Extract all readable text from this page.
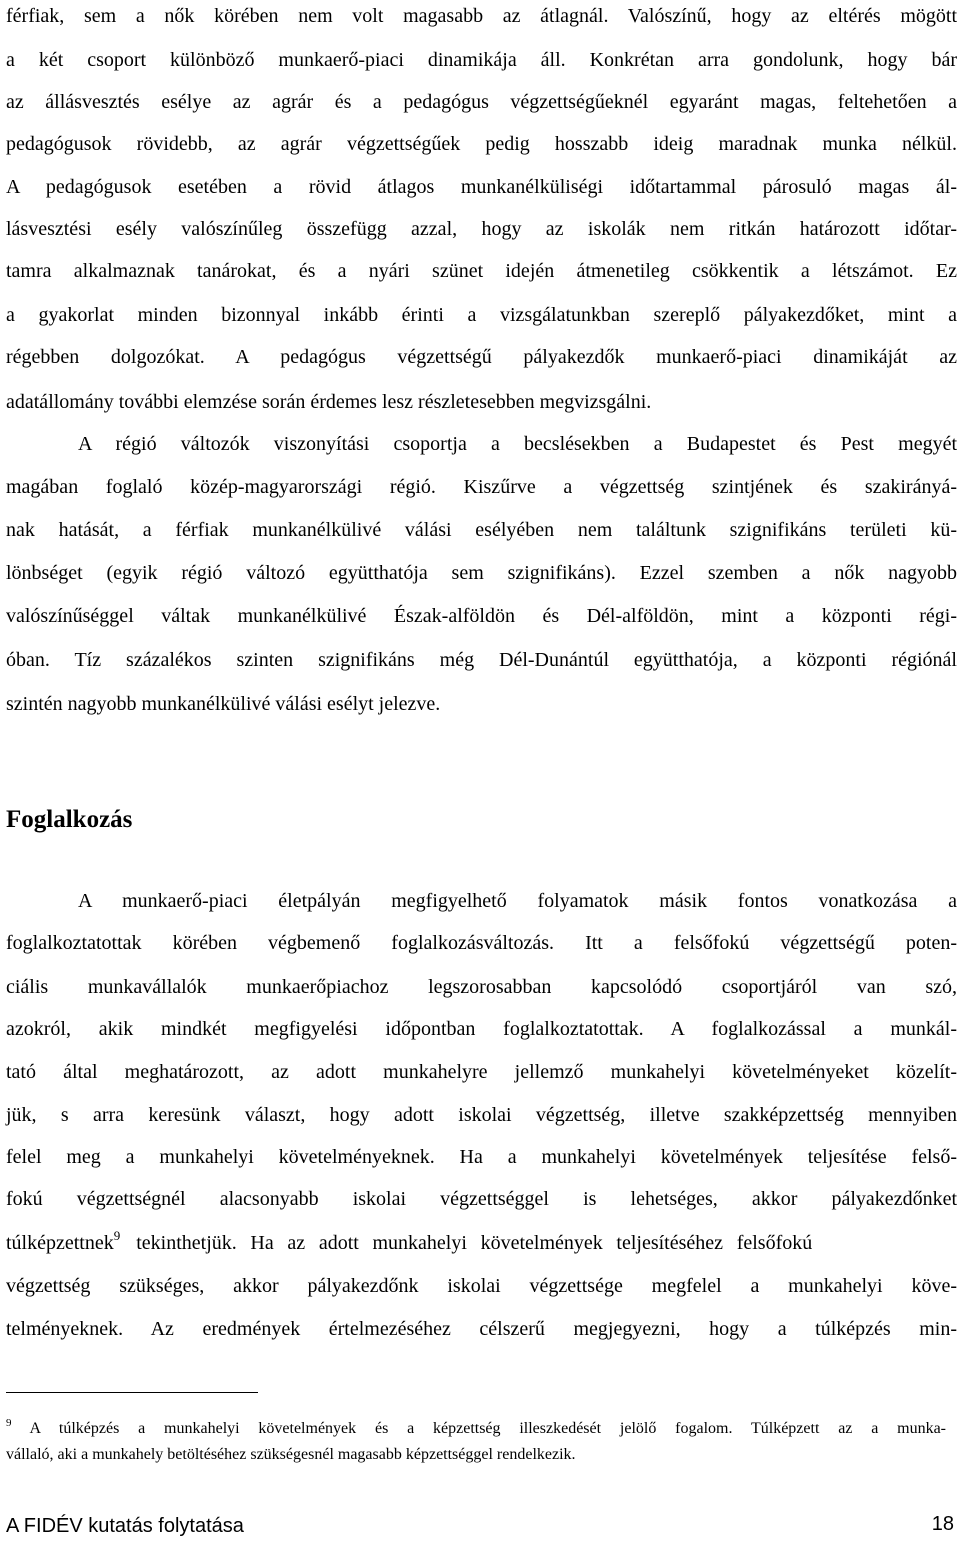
férfiak, sem a nők körében nem volt magasabb az átlagnál. Valószínű, hogy az eltérés mögött
a két csoport különböző munkaerő-piaci dinamikája áll. Konkrétan arra gondolunk, hogy bár
az állásvesztés esélye az agrár és a pedagógus végzettségűeknél egyaránt magas, feltehetően a
pedagógusok rövidebb, az agrár végzettségűek pedig hosszabb ideig maradnak munka nélkül.
A pedagógusok esetében a rövid átlagos munkanélküliségi időtartammal párosuló magas ál-
lásvesztési esély valószínűleg összefügg azzal, hogy az iskolák nem ritkán határozott időtar-
tamra alkalmaznak tanárokat, és a nyári szünet idején átmenetileg csökkentik a létszámot. Ez
a gyakorlat minden bizonnyal inkább érinti a vizsgálatunkban szereplő pályakezdőket, mint a
régebben dolgozókat. A pedagógus végzettségű pályakezdők munkaerő-piaci dinamikáját az
adatállomány további elemzése során érdemes lesz részletesebben megvizsgálni.
A régió változók viszonyítási csoportja a becslésekben a Budapestet és Pest megyét
magában foglaló közép-magyarországi régió. Kiszűrve a végzettség szintjének és szakirányá-
nak hatását, a férfiak munkanélkülivé válási esélyében nem találtunk szignifikáns területi kü-
lönbséget (egyik régió változó együtthatója sem szignifikáns). Ezzel szemben a nők nagyobb
valószínűséggel váltak munkanélkülivé Észak-alföldön és Dél-alföldön, mint a központi régi-
óban. Tíz százalékos szinten szignifikáns még Dél-Dunántúl együtthatója, a központi régiónál
szintén nagyobb munkanélkülivé válási esélyt jelezve.
Foglalkozás
A munkaerő-piaci életpályán megfigyelhető folyamatok másik fontos vonatkozása a
foglalkoztatottak körében végbemenő foglalkozásváltozás. Itt a felsőfokú végzettségű poten-
ciális munkavállalók munkaerőpiachoz legszorosabban kapcsolódó csoportjáról van szó,
azokról, akik mindkét megfigyelési időpontban foglalkoztatottak. A foglalkozással a munkál-
tató által meghatározott, az adott munkahelyre jellemző munkahelyi követelményeket közelít-
jük, s arra keresünk választ, hogy adott iskolai végzettség, illetve szakképzettség mennyiben
felel meg a munkahelyi követelményeknek. Ha a munkahelyi követelmények teljesítése felső-
fokú végzettségnél alacsonyabb iskolai végzettséggel is lehetséges, akkor pályakezdőnket
túlképzettnek$^9$ tekinthetjük. Ha az adott munkahelyi követelmények teljesítéséhez felsőfokú
végzettség szükséges, akkor pályakezdőnk iskolai végzettsége megfelel a munkahelyi köve-
telményeknek. Az eredmények értelmezéséhez célszerű megjegyezni, hogy a túlképzés min-
$^9$ A túlképzés a munkahelyi követelmények és a képzettség illeszkedését jelölő fogalom. Túlképzett az a munka-
vállaló, aki a munkahely betöltéséhez szükségesnél magasabb képzettséggel rendelkezik.
A FIDÉV kutatás folytatása	18
